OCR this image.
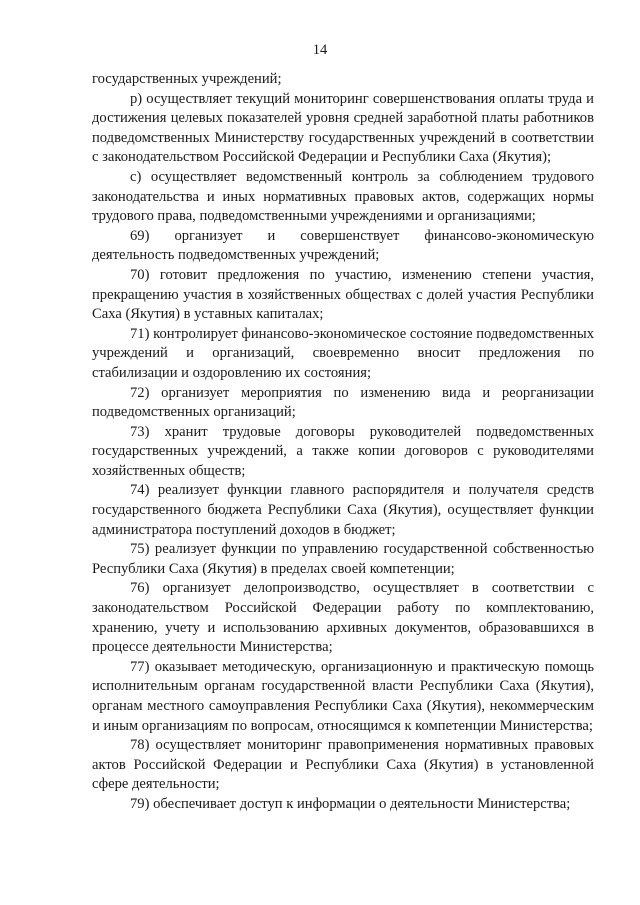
14

государственных учреждений;

р) осуществляет текущий мониторинг совершенствования оплаты труда и достижения целевых показателей уровня средней заработной платы работников подведомственных Министерству государственных учреждений в соответствии с законодательством Российской Федерации и Республики Саха (Якутия);

с) осуществляет ведомственный контроль за соблюдением трудового законодательства и иных нормативных правовых актов, содержащих нормы трудового права, подведомственными учреждениями и организациями;

69) организует и совершенствует финансово-экономическую деятельность подведомственных учреждений;

70) готовит предложения по участию, изменению степени участия, прекращению участия в хозяйственных обществах с долей участия Республики Саха (Якутия) в уставных капиталах;

71) контролирует финансово-экономическое состояние подведомственных учреждений и организаций, своевременно вносит предложения по стабилизации и оздоровлению их состояния;

72) организует мероприятия по изменению вида и реорганизации подведомственных организаций;

73) хранит трудовые договоры руководителей подведомственных государственных учреждений, а также копии договоров с руководителями хозяйственных обществ;

74) реализует функции главного распорядителя и получателя средств государственного бюджета Республики Саха (Якутия), осуществляет функции администратора поступлений доходов в бюджет;

75) реализует функции по управлению государственной собственностью Республики Саха (Якутия) в пределах своей компетенции;

76) организует делопроизводство, осуществляет в соответствии с законодательством Российской Федерации работу по комплектованию, хранению, учету и использованию архивных документов, образовавшихся в процессе деятельности Министерства;

77) оказывает методическую, организационную и практическую помощь исполнительным органам государственной власти Республики Саха (Якутия), органам местного самоуправления Республики Саха (Якутия), некоммерческим и иным организациям по вопросам, относящимся к компетенции Министерства;

78) осуществляет мониторинг правоприменения нормативных правовых актов Российской Федерации и Республики Саха (Якутия) в установленной сфере деятельности;

79) обеспечивает доступ к информации о деятельности Министерства;
